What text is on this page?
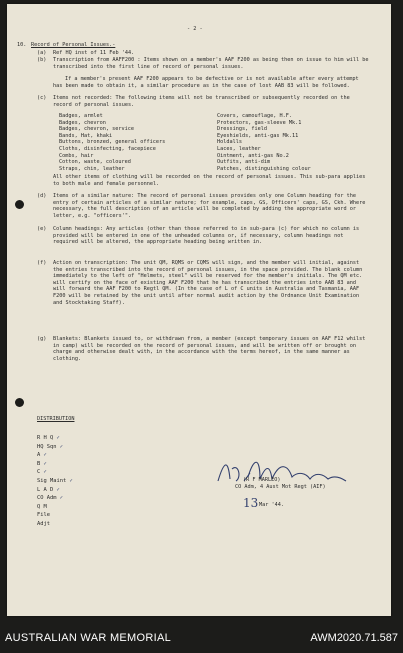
- 2 -
10. Record of Personal Issues.-
(a) Ref HQ inst of 11 Feb '44.
(b) Transcription from AAFF200 : Items shown on a member's AAF F200 as being then on issue to him will be transcribed into the first line of record of personal issues.
If a member's present AAF F200 appears to be defective or is not available after every attempt has been made to obtain it, a similar procedure as in the case of lost AAB 83 will be followed.
(c) Items not recorded: The following items will not be transcribed or subsequently recorded on the record of personal issues.
Badges, armlet
Badges, chevron
Badges, chevron, service
Bands, Hat, khaki
Buttons, bronzed, general officers
Cloths, disinfecting, facepiece
Combs, hair
Cotton, waste, coloured
Straps, chin, leather
Covers, camouflage, H.F.
Protectors, gas-sleeve Mk.1
Dressings, field
Eyeshields, anti-gas Mk.11
Holdalls
Laces, leather
Ointment, anti-gas No.2
Outfits, anti-dim
Patches, distinguishing colour
All other items of clothing will be recorded on the record of personal issues. This sub-para applies to both male and female personnel.
(d) Items of a similar nature: The record of personal issues provides only one Column heading for the entry of certain articles of a similar nature; for example, caps, GS, Officers' caps, GS, Ckh. Where necessary, the full description of an article will be completed by adding the appropriate word or letter, e.g. "officers'".
(e) Column headings: Any articles (other than those referred to in sub-para (c) for which no column is provided will be entered in one of the unheaded columns or, if necessary, column headings not required will be altered, the appropriate heading being written in.
(f) Action on transcription: The unit QM, RQMS or CQMS will sign, and the member will initial, against the entries transcribed into the record of personal issues, in the space provided. The blank column immediately to the left of "Helmets, steel" will be reserved for the member's initials. The QM etc. will certify on the face of existing AAF F200 that he has transcribed the entries into AAB 83 and will forward the AAF F200 to Regtl QM. (In the case of L of C units in Australia and Tasmania, AAF F200 will be retained by the unit until after normal audit action by the Ordnance Unit Examination and Stocktaking Staff).
(g) Blankets: Blankets issued to, or withdrawn from, a member (except temporary issues on AAF F12 whilst in camp) will be recorded on the record of personal issues, and will be written off or brought on charge and otherwise dealt with, in the accordance with the terms hereof, in the same manner as clothing.
DISTRIBUTION
R H Q ✓
HQ Sqn ✓
A ✓
B ✓
C ✓
Sig Maint ✓
L A D ✓
CO Adm ✓
Q M
File
Adjt
(R F MARLEO)
CO Adm, 4 Aust Mot Regt (AIF)
13 Mar '44.
AUSTRALIAN WAR MEMORIAL	AWM2020.71.587
